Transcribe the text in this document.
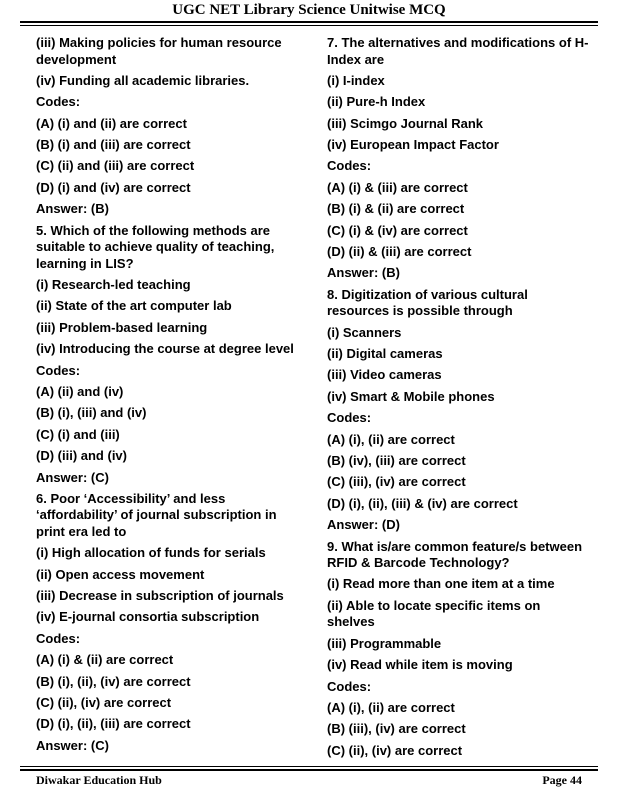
UGC NET Library Science Unitwise MCQ

(iii) Making policies for human resource development

(iv) Funding all academic libraries.

Codes:

(A) (i) and (ii) are correct

(B) (i) and (iii) are correct

(C) (ii) and (iii) are correct

(D) (i) and (iv) are correct

Answer: (B)

5. Which of the following methods are suitable to achieve quality of teaching, learning in LIS?

(i) Research-led teaching

(ii) State of the art computer lab

(iii) Problem-based learning

(iv) Introducing the course at degree level

Codes:

(A) (ii) and (iv)

(B) (i), (iii) and (iv)

(C) (i) and (iii)

(D) (iii) and (iv)

Answer: (C)

6. Poor ‘Accessibility’ and less ‘affordability’ of journal subscription in print era led to

(i) High allocation of funds for serials

(ii) Open access movement

(iii) Decrease in subscription of journals

(iv) E-journal consortia subscription

Codes:

(A) (i) & (ii) are correct

(B) (i), (ii), (iv) are correct

(C) (ii), (iv) are correct

(D) (i), (ii), (iii) are correct

Answer: (C)

7. The alternatives and modifications of H-Index are

(i) I-index

(ii) Pure-h Index

(iii) Scimgo Journal Rank

(iv) European Impact Factor

Codes:

(A) (i) & (iii) are correct

(B) (i) & (ii) are correct

(C) (i) & (iv) are correct

(D) (ii) & (iii) are correct

Answer: (B)

8. Digitization of various cultural resources is possible through

(i) Scanners

(ii) Digital cameras

(iii) Video cameras

(iv) Smart & Mobile phones

Codes:

(A) (i), (ii) are correct

(B) (iv), (iii) are correct

(C) (iii), (iv) are correct

(D) (i), (ii), (iii) & (iv) are correct

Answer: (D)

9. What is/are common feature/s between RFID & Barcode Technology?

(i) Read more than one item at a time

(ii) Able to locate specific items on shelves

(iii) Programmable

(iv) Read while item is moving

Codes:

(A) (i), (ii) are correct

(B) (iii), (iv) are correct

(C) (ii), (iv) are correct

Diwakar Education Hub	Page 44
